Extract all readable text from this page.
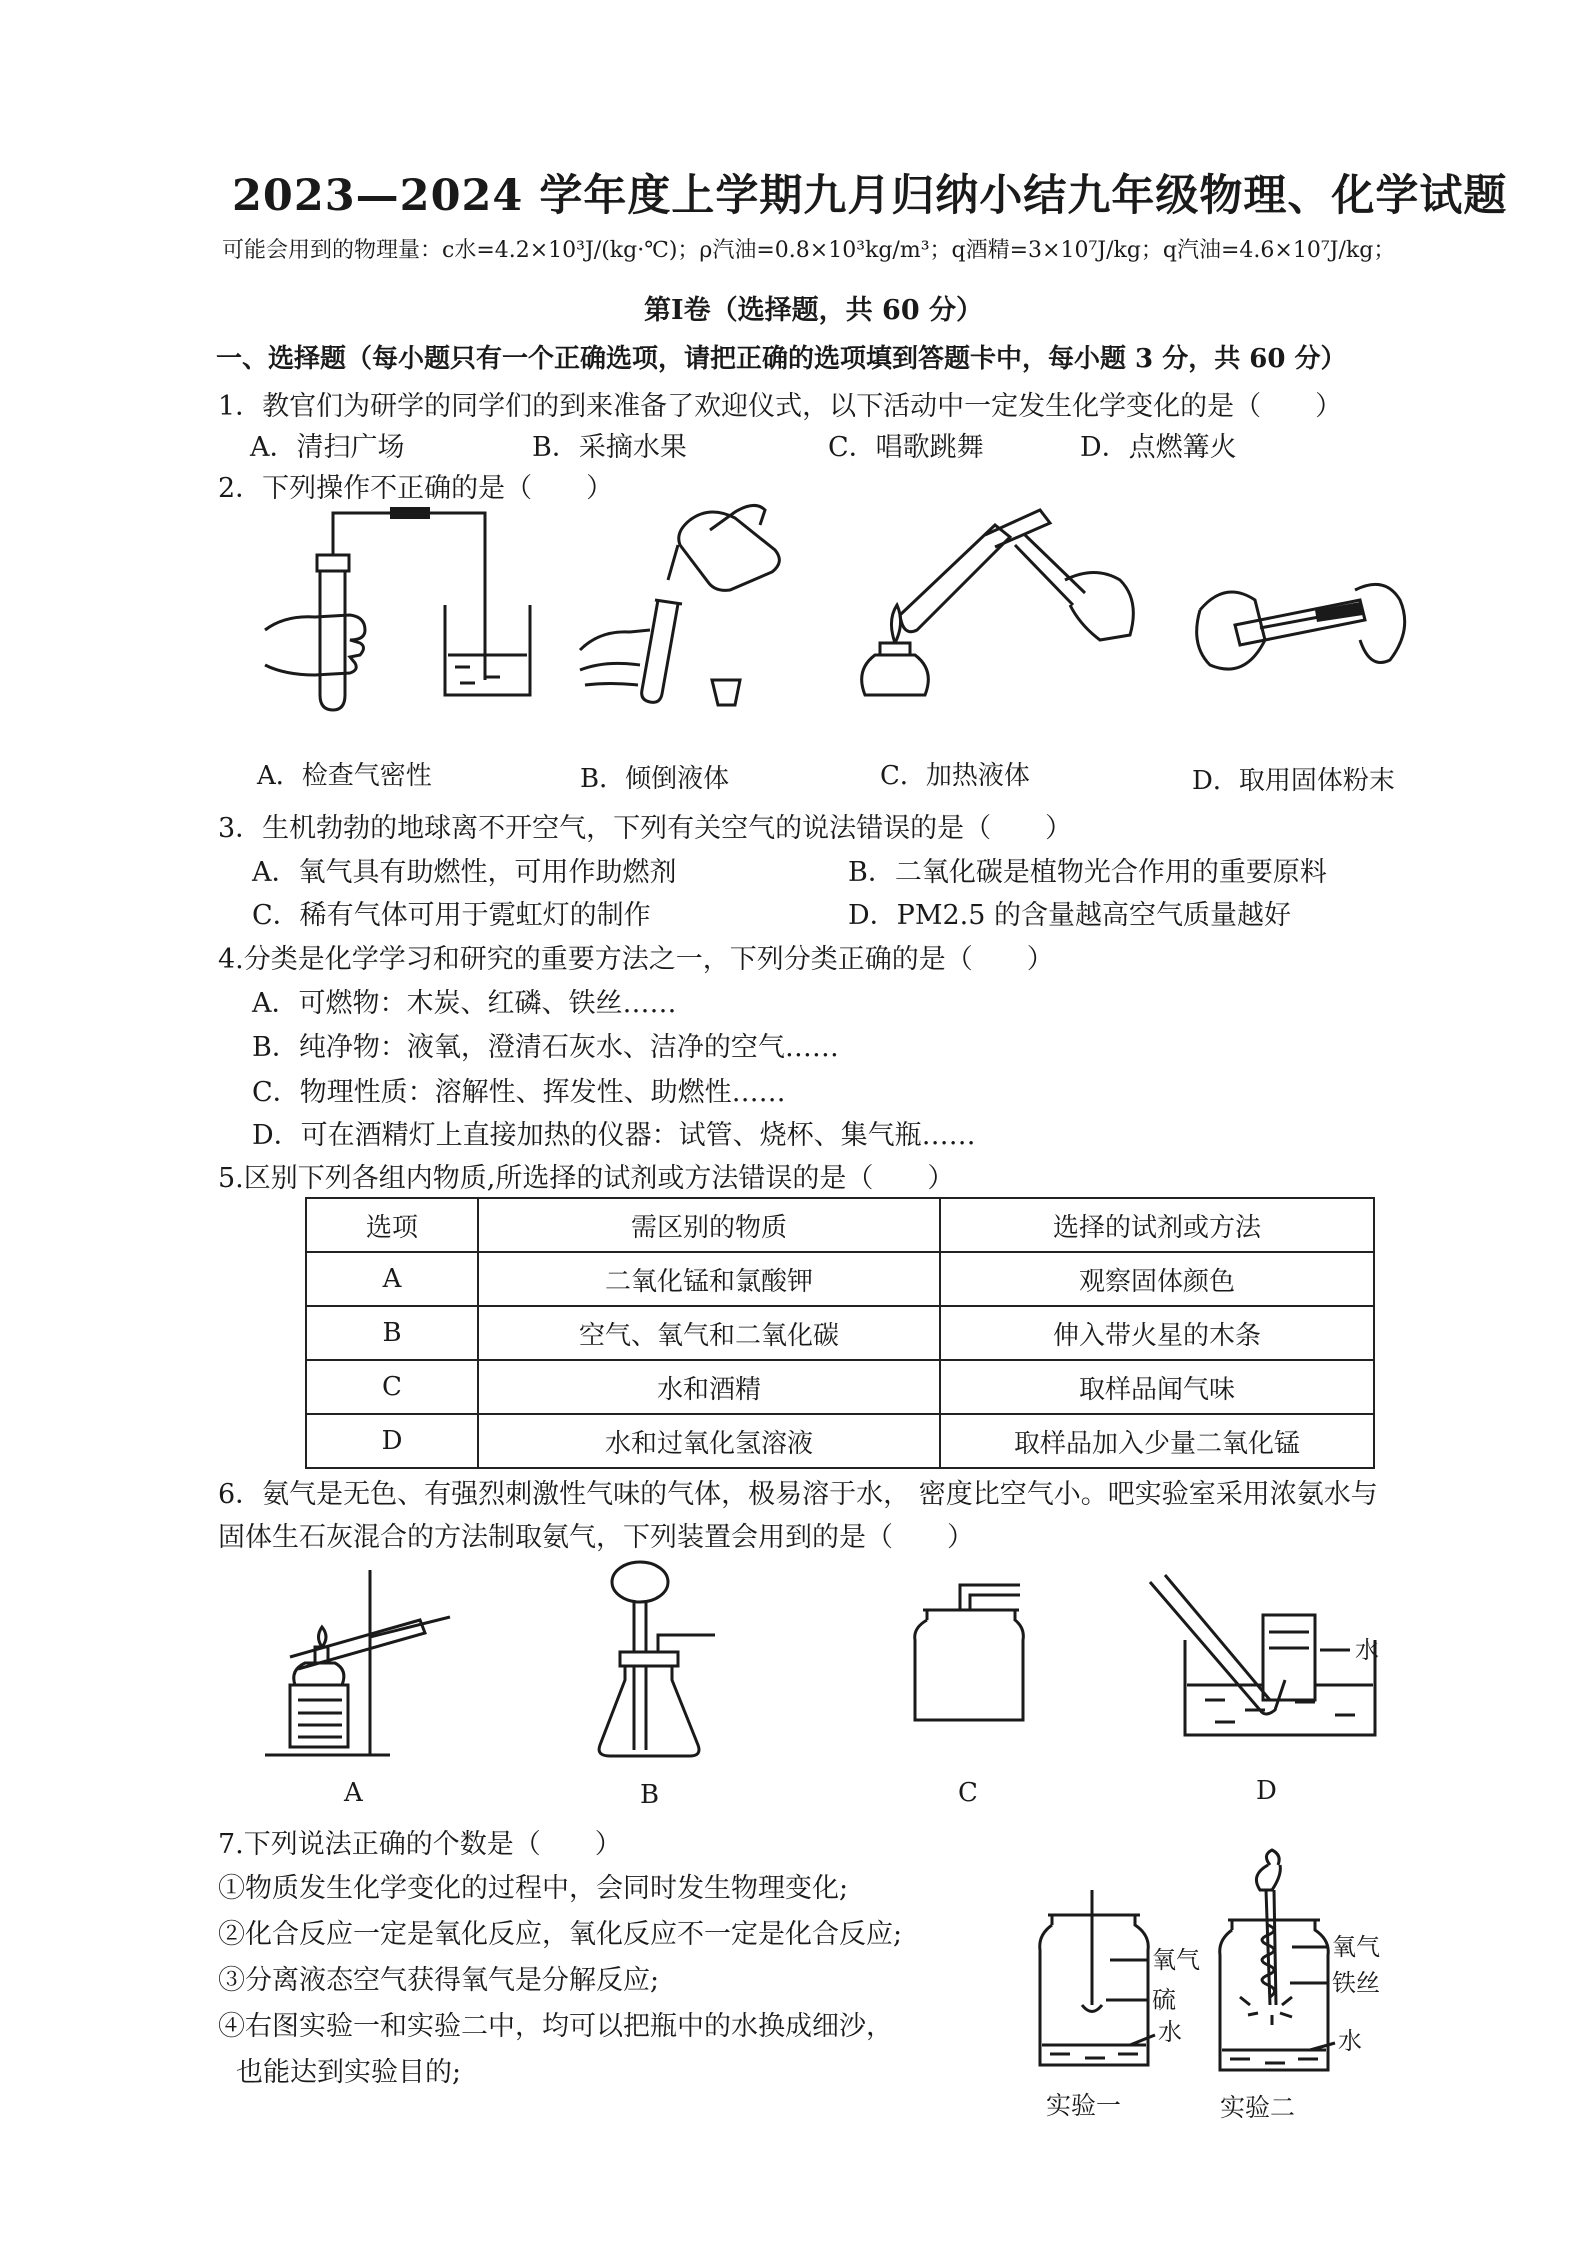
2023—2024 学年度上学期九月归纳小结九年级物理、化学试题
可能会用到的物理量：c水=4.2×10³J/(kg·℃)；ρ汽油=0.8×10³kg/m³；q酒精=3×10⁷J/kg；q汽油=4.6×10⁷J/kg；
第Ⅰ卷（选择题，共 60 分）
一、选择题（每小题只有一个正确选项，请把正确的选项填到答题卡中，每小题 3 分，共 60 分）
1．教官们为研学的同学们的到来准备了欢迎仪式，以下活动中一定发生化学变化的是（　　）
A．清扫广场	B．采摘水果	C．唱歌跳舞	D．点燃篝火
2．下列操作不正确的是（　　）
A．检查气密性	B．倾倒液体	C．加热液体	D．取用固体粉末
3．生机勃勃的地球离不开空气，下列有关空气的说法错误的是（　　）
A．氧气具有助燃性，可用作助燃剂	B．二氧化碳是植物光合作用的重要原料
C．稀有气体可用于霓虹灯的制作	D．PM2.5 的含量越高空气质量越好
4.分类是化学学习和研究的重要方法之一，下列分类正确的是（　　）
A．可燃物：木炭、红磷、铁丝……
B．纯净物：液氧，澄清石灰水、洁净的空气……
C．物理性质：溶解性、挥发性、助燃性……
D．可在酒精灯上直接加热的仪器：试管、烧杯、集气瓶……
5.区别下列各组内物质,所选择的试剂或方法错误的是（　　）
选项	需区别的物质	选择的试剂或方法
A	二氧化锰和氯酸钾	观察固体颜色
B	空气、氧气和二氧化碳	伸入带火星的木条
C	水和酒精	取样品闻气味
D	水和过氧化氢溶液	取样品加入少量二氧化锰
6．氨气是无色、有强烈刺激性气味的气体，极易溶于水， 密度比空气小。吧实验室采用浓氨水与
固体生石灰混合的方法制取氨气，下列装置会用到的是（　　）
水
A	B	C	D
7.下列说法正确的个数是（　　）
①物质发生化学变化的过程中，会同时发生物理变化;
②化合反应一定是氧化反应，氧化反应不一定是化合反应;
③分离液态空气获得氧气是分解反应;
④右图实验一和实验二中，均可以把瓶中的水换成细沙，
也能达到实验目的;
氧气
硫
水
实验一
氧气
铁丝
水
实验二
